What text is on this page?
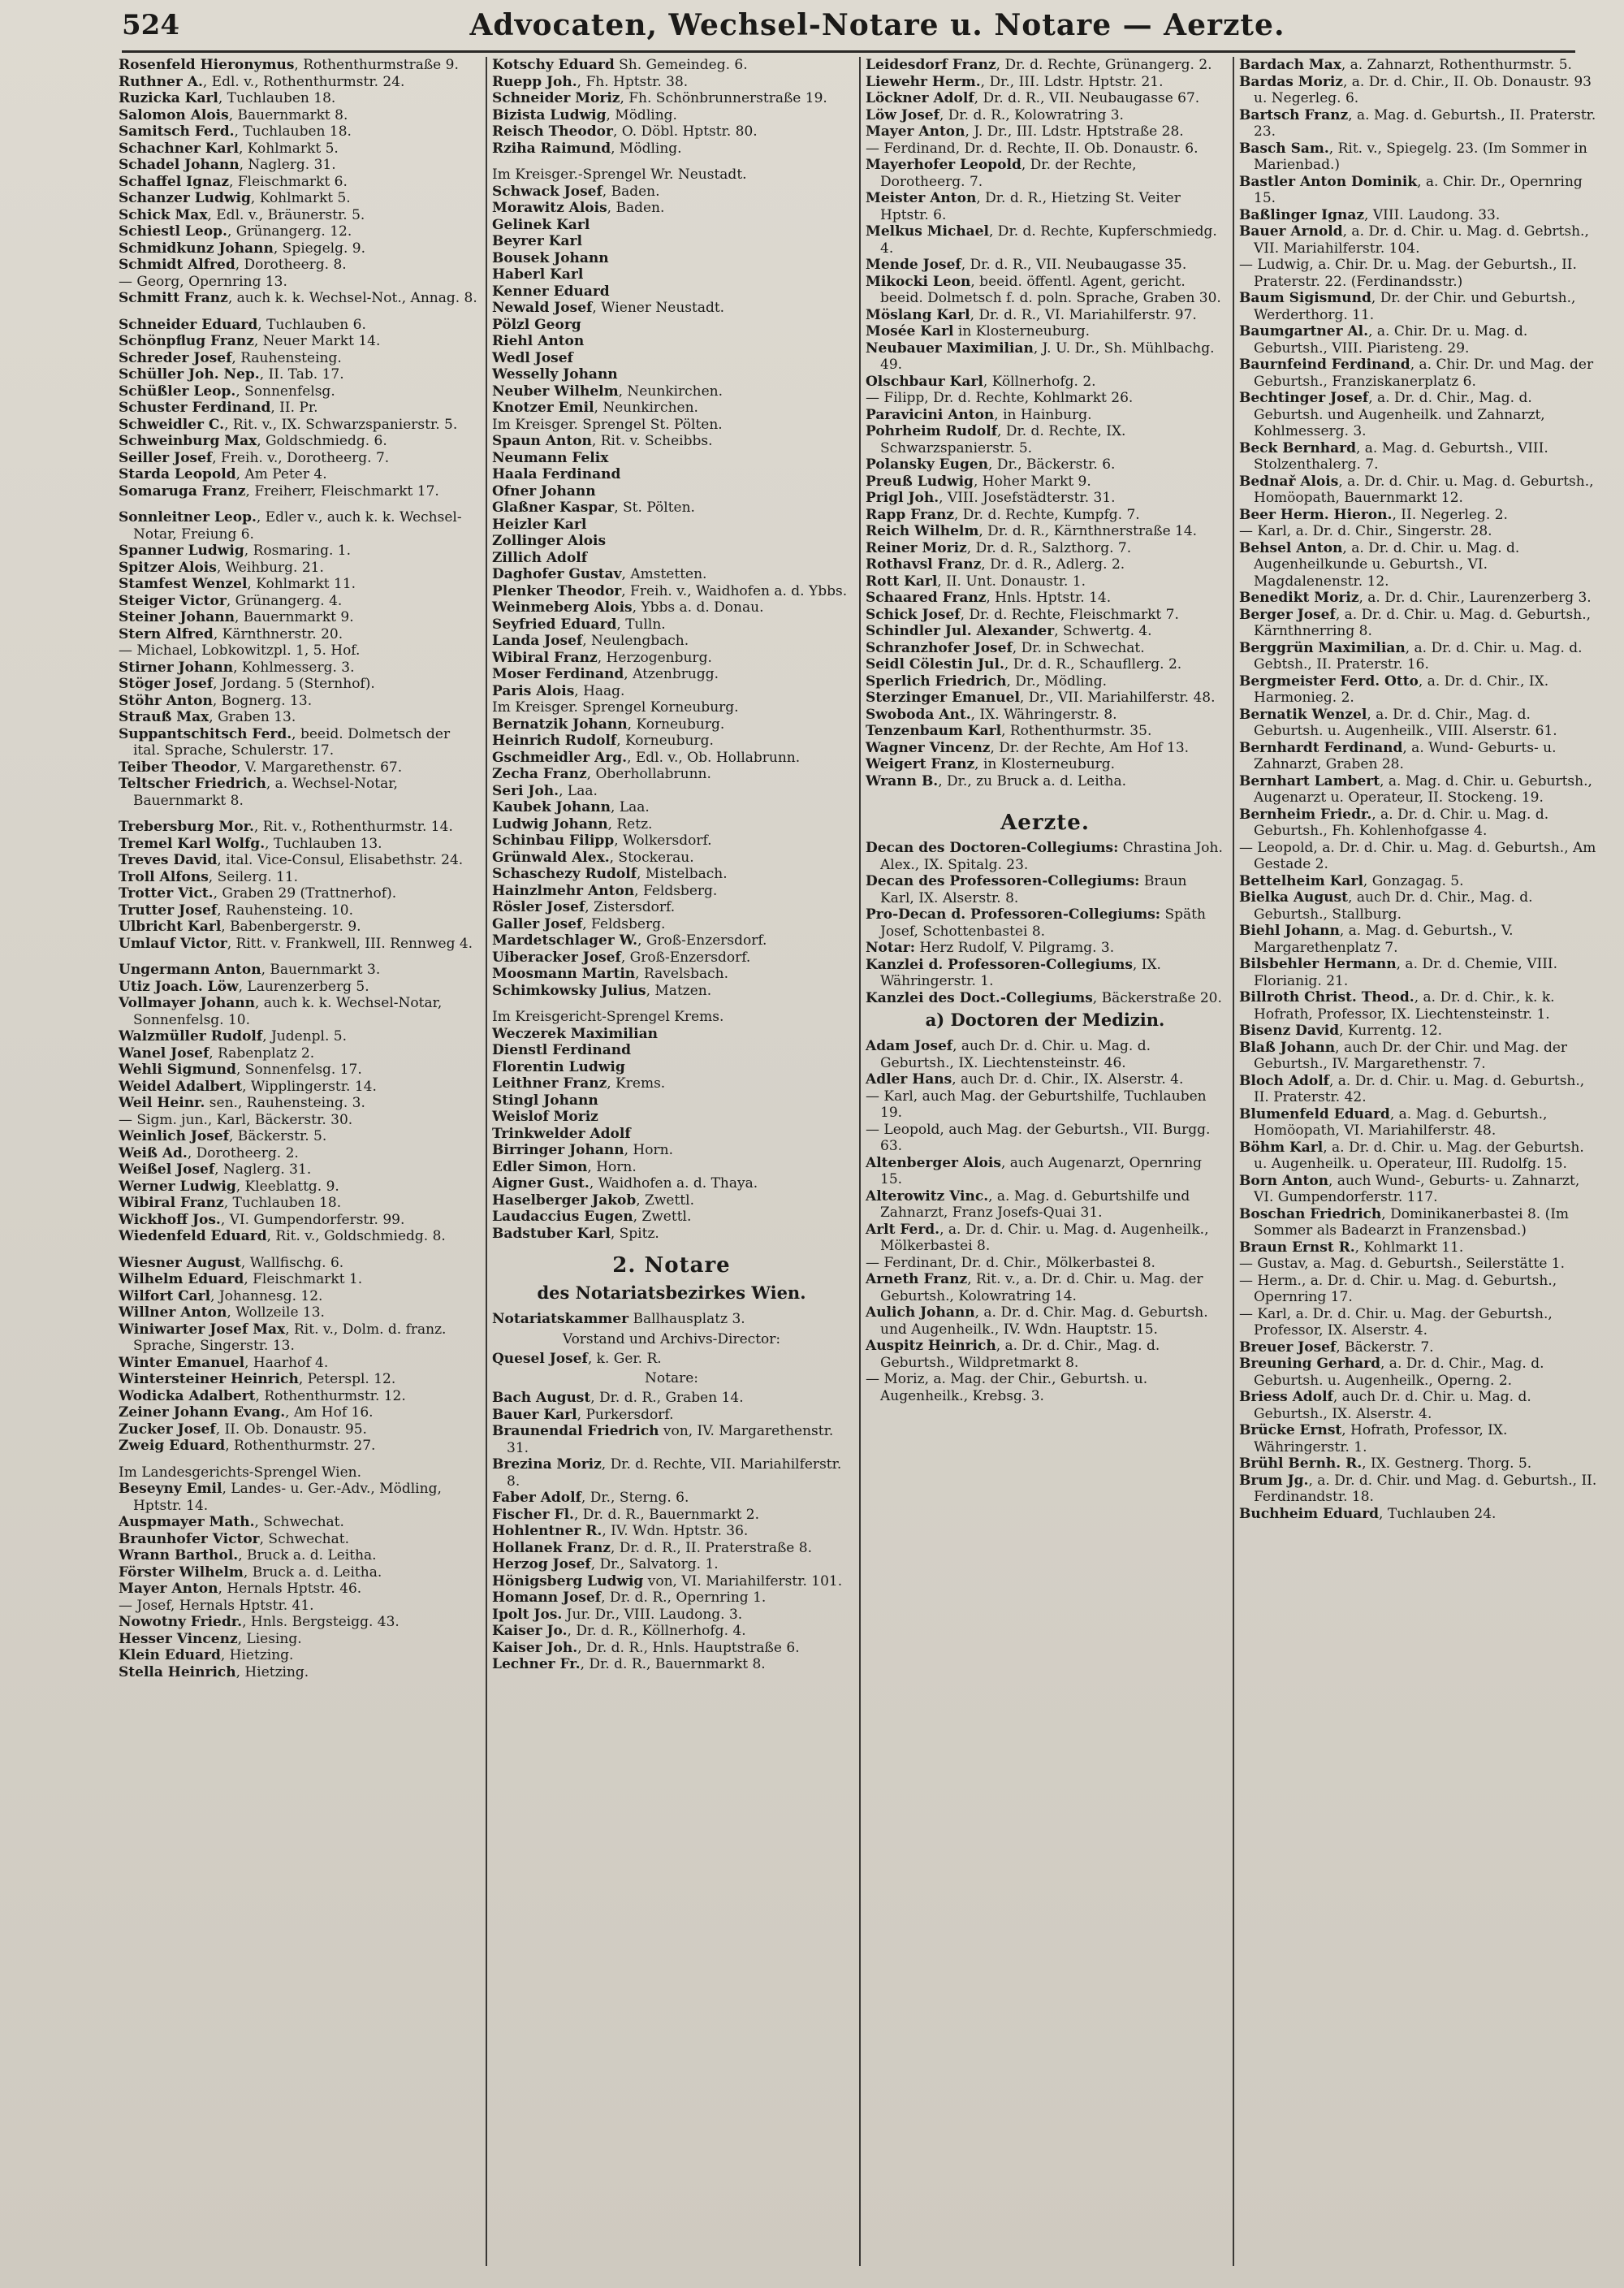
524	Advocaten, Wechsel-Notare u. Notare — Aerzte.

Rosenfeld Hieronymus, Rothenthurmstraße 9.

Ruthner A., Edl. v., Rothenthurmstr. 24.

Ruzicka Karl, Tuchlauben 18.

Salomon Alois, Bauernmarkt 8.

Samitsch Ferd., Tuchlauben 18.

Schachner Karl, Kohlmarkt 5.

Schadel Johann, Naglerg. 31.

Schaffel Ignaz, Fleischmarkt 6.

Schanzer Ludwig, Kohlmarkt 5.

Schick Max, Edl. v., Bräunerstr. 5.

Schiestl Leop., Grünangerg. 12.

Schmidkunz Johann, Spiegelg. 9.

Schmidt Alfred, Dorotheerg. 8.

— Georg, Opernring 13.

Schmitt Franz, auch k. k. Wechsel-Not., Annag. 8.

Schneider Eduard, Tuchlauben 6.

Schönpflug Franz, Neuer Markt 14.

Schreder Josef, Rauhensteing.

Schüller Joh. Nep., II. Tab. 17.

Schüßler Leop., Sonnenfelsg.

Schuster Ferdinand, II. Pr.

Schweidler C., Rit. v., IX. Schwarzspanierstr. 5.

Schweinburg Max, Goldschmiedg. 6.

Seiller Josef, Freih. v., Dorotheerg. 7.

Starda Leopold, Am Peter 4.

Somaruga Franz, Freiherr, Fleischmarkt 17.

Sonnleitner Leop., Edler v., auch k. k. Wechsel-Notar, Freiung 6.

Spanner Ludwig, Rosmaring. 1.

Spitzer Alois, Weihburg. 21.

Stamfest Wenzel, Kohlmarkt 11.

Steiger Victor, Grünangerg. 4.

Steiner Johann, Bauernmarkt 9.

Stern Alfred, Kärnthnerstr. 20.

— Michael, Lobkowitzpl. 1, 5. Hof.

Stirner Johann, Kohlmesserg. 3.

Stöger Josef, Jordang. 5 (Sternhof).

Stöhr Anton, Bognerg. 13.

Strauß Max, Graben 13.

Suppantschitsch Ferd., beeid. Dolmetsch der ital. Sprache, Schulerstr. 17.

Teiber Theodor, V. Margarethenstr. 67.

Teltscher Friedrich, a. Wechsel-Notar, Bauernmarkt 8.

Trebersburg Mor., Rit. v., Rothenthurmstr. 14.

Tremel Karl Wolfg., Tuchlauben 13.

Treves David, ital. Vice-Consul, Elisabethstr. 24.

Troll Alfons, Seilerg. 11.

Trotter Vict., Graben 29 (Trattnerhof).

Trutter Josef, Rauhensteing. 10.

Ulbricht Karl, Babenbergerstr. 9.

Umlauf Victor, Ritt. v. Frankwell, III. Rennweg 4.

Ungermann Anton, Bauernmarkt 3.

Utiz Joach. Löw, Laurenzerberg 5.

Vollmayer Johann, auch k. k. Wechsel-Notar, Sonnenfelsg. 10.

Walzmüller Rudolf, Judenpl. 5.

Wanel Josef, Rabenplatz 2.

Wehli Sigmund, Sonnenfelsg. 17.

Weidel Adalbert, Wipplingerstr. 14.

Weil Heinr. sen., Rauhensteing. 3.

— Sigm. jun., Karl, Bäckerstr. 30.

Weinlich Josef, Bäckerstr. 5.

Weiß Ad., Dorotheerg. 2.

Weißel Josef, Naglerg. 31.

Werner Ludwig, Kleeblattg. 9.

Wibiral Franz, Tuchlauben 18.

Wickhoff Jos., VI. Gumpendorferstr. 99.

Wiedenfeld Eduard, Rit. v., Goldschmiedg. 8.

Wiesner August, Wallfischg. 6.

Wilhelm Eduard, Fleischmarkt 1.

Wilfort Carl, Johannesg. 12.

Willner Anton, Wollzeile 13.

Winiwarter Josef Max, Rit. v., Dolm. d. franz. Sprache, Singerstr. 13.

Winter Emanuel, Haarhof 4.

Wintersteiner Heinrich, Peterspl. 12.

Wodicka Adalbert, Rothenthurmstr. 12.

Zeiner Johann Evang., Am Hof 16.

Zucker Josef, II. Ob. Donaustr. 95.

Zweig Eduard, Rothenthurmstr. 27.

Im Landesgerichts-Sprengel Wien.

Beseyny Emil, Landes- u. Ger.-Adv., Mödling, Hptstr. 14.

Auspmayer Math., Schwechat.

Braunhofer Victor, Schwechat.

Wrann Barthol., Bruck a. d. Leitha.

Förster Wilhelm, Bruck a. d. Leitha.

Mayer Anton, Hernals Hptstr. 46.

— Josef, Hernals Hptstr. 41.

Nowotny Friedr., Hnls. Bergsteigg. 43.

Hesser Vincenz, Liesing.

Klein Eduard, Hietzing.

Stella Heinrich, Hietzing.

Kotschy Eduard Sh. Gemeindeg. 6.

Ruepp Joh., Fh. Hptstr. 38.

Schneider Moriz, Fh. Schönbrunnerstraße 19.

Bizista Ludwig, Mödling.

Reisch Theodor, O. Döbl. Hptstr. 80.

Rziha Raimund, Mödling.

Im Kreisger.-Sprengel Wr. Neustadt.

Schwack Josef, Baden.

Morawitz Alois, Baden.

Gelinek Karl

Beyrer Karl

Bousek Johann

Haberl Karl

Kenner Eduard

Newald Josef, Wiener Neustadt.

Pölzl Georg

Riehl Anton

Wedl Josef

Wesselly Johann

Neuber Wilhelm, Neunkirchen.

Knotzer Emil, Neunkirchen.

Im Kreisger. Sprengel St. Pölten.

Spaun Anton, Rit. v. Scheibbs.

Neumann Felix

Haala Ferdinand

Ofner Johann

Glaßner Kaspar, St. Pölten.

Heizler Karl

Zollinger Alois

Zillich Adolf

Daghofer Gustav, Amstetten.

Plenker Theodor, Freih. v., Waidhofen a. d. Ybbs.

Weinmeberg Alois, Ybbs a. d. Donau.

Seyfried Eduard, Tulln.

Landa Josef, Neulengbach.

Wibiral Franz, Herzogenburg.

Moser Ferdinand, Atzenbrugg.

Paris Alois, Haag.

Im Kreisger. Sprengel Korneuburg.

Bernatzik Johann, Korneuburg.

Heinrich Rudolf, Korneuburg.

Gschmeidler Arg., Edl. v., Ob. Hollabrunn.

Zecha Franz, Oberhollabrunn.

Seri Joh., Laa.

Kaubek Johann, Laa.

Ludwig Johann, Retz.

Schinbau Filipp, Wolkersdorf.

Grünwald Alex., Stockerau.

Schaschezy Rudolf, Mistelbach.

Hainzlmehr Anton, Feldsberg.

Rösler Josef, Zistersdorf.

Galler Josef, Feldsberg.

Mardetschlager W., Groß-Enzersdorf.

Uiberacker Josef, Groß-Enzersdorf.

Moosmann Martin, Ravelsbach.

Schimkowsky Julius, Matzen.

Im Kreisgericht-Sprengel Krems.

Weczerek Maximilian

Dienstl Ferdinand

Florentin Ludwig

Leithner Franz, Krems.

Stingl Johann

Weislof Moriz

Trinkwelder Adolf

Birringer Johann, Horn.

Edler Simon, Horn.

Aigner Gust., Waidhofen a. d. Thaya.

Haselberger Jakob, Zwettl.

Laudaccius Eugen, Zwettl.

Badstuber Karl, Spitz.

2. Notare
des Notariatsbezirkes Wien.

Notariatskammer Ballhausplatz 3.

Vorstand und Archivs-Director:

Quesel Josef, k. Ger. R.

Notare:

Bach August, Dr. d. R., Graben 14.

Bauer Karl, Purkersdorf.

Braunendal Friedrich von, IV. Margarethenstr. 31.

Brezina Moriz, Dr. d. Rechte, VII. Mariahilferstr. 8.

Faber Adolf, Dr., Sterng. 6.

Fischer Fl., Dr. d. R., Bauernmarkt 2.

Hohlentner R., IV. Wdn. Hptstr. 36.

Hollanek Franz, Dr. d. R., II. Praterstraße 8.

Herzog Josef, Dr., Salvatorg. 1.

Hönigsberg Ludwig von, VI. Mariahilferstr. 101.

Homann Josef, Dr. d. R., Opernring 1.

Ipolt Jos. Jur. Dr., VIII. Laudong. 3.

Kaiser Jo., Dr. d. R., Köllnerhofg. 4.

Kaiser Joh., Dr. d. R., Hnls. Hauptstraße 6.

Lechner Fr., Dr. d. R., Bauernmarkt 8.

Leidesdorf Franz, Dr. d. Rechte, Grünangerg. 2.

Liewehr Herm., Dr., III. Ldstr. Hptstr. 21.

Löckner Adolf, Dr. d. R., VII. Neubaugasse 67.

Löw Josef, Dr. d. R., Kolowratring 3.

Mayer Anton, J. Dr., III. Ldstr. Hptstraße 28.

— Ferdinand, Dr. d. Rechte, II. Ob. Donaustr. 6.

Mayerhofer Leopold, Dr. der Rechte, Dorotheerg. 7.

Meister Anton, Dr. d. R., Hietzing St. Veiter Hptstr. 6.

Melkus Michael, Dr. d. Rechte, Kupferschmiedg. 4.

Mende Josef, Dr. d. R., VII. Neubaugasse 35.

Mikocki Leon, beeid. öffentl. Agent, gericht. beeid. Dolmetsch f. d. poln. Sprache, Graben 30.

Möslang Karl, Dr. d. R., VI. Mariahilferstr. 97.

Mosée Karl in Klosterneuburg.

Neubauer Maximilian, J. U. Dr., Sh. Mühlbachg. 49.

Olschbaur Karl, Köllnerhofg. 2.

— Filipp, Dr. d. Rechte, Kohlmarkt 26.

Paravicini Anton, in Hainburg.

Pohrheim Rudolf, Dr. d. Rechte, IX. Schwarzspanierstr. 5.

Polansky Eugen, Dr., Bäckerstr. 6.

Preuß Ludwig, Hoher Markt 9.

Prigl Joh., VIII. Josefstädterstr. 31.

Rapp Franz, Dr. d. Rechte, Kumpfg. 7.

Reich Wilhelm, Dr. d. R., Kärnthnerstraße 14.

Reiner Moriz, Dr. d. R., Salzthorg. 7.

Rothavsl Franz, Dr. d. R., Adlerg. 2.

Rott Karl, II. Unt. Donaustr. 1.

Schaared Franz, Hnls. Hptstr. 14.

Schick Josef, Dr. d. Rechte, Fleischmarkt 7.

Schindler Jul. Alexander, Schwertg. 4.

Schranzhofer Josef, Dr. in Schwechat.

Seidl Cölestin Jul., Dr. d. R., Schaufllerg. 2.

Sperlich Friedrich, Dr., Mödling.

Sterzinger Emanuel, Dr., VII. Mariahilferstr. 48.

Swoboda Ant., IX. Währingerstr. 8.

Tenzenbaum Karl, Rothenthurmstr. 35.

Wagner Vincenz, Dr. der Rechte, Am Hof 13.

Weigert Franz, in Klosterneuburg.

Wrann B., Dr., zu Bruck a. d. Leitha.

Aerzte.

Decan des Doctoren-Collegiums: Chrastina Joh. Alex., IX. Spitalg. 23.

Decan des Professoren-Collegiums: Braun Karl, IX. Alserstr. 8.

Pro-Decan d. Professoren-Collegiums: Späth Josef, Schottenbastei 8.

Notar: Herz Rudolf, V. Pilgramg. 3.

Kanzlei d. Professoren-Collegiums, IX. Währingerstr. 1.

Kanzlei des Doct.-Collegiums, Bäckerstraße 20.

a) Doctoren der Medizin.

Adam Josef, auch Dr. d. Chir. u. Mag. d. Geburtsh., IX. Liechtensteinstr. 46.

Adler Hans, auch Dr. d. Chir., IX. Alserstr. 4.

— Karl, auch Mag. der Geburtshilfe, Tuchlauben 19.

— Leopold, auch Mag. der Geburtsh., VII. Burgg. 63.

Altenberger Alois, auch Augenarzt, Opernring 15.

Alterowitz Vinc., a. Mag. d. Geburtshilfe und Zahnarzt, Franz Josefs-Quai 31.

Arlt Ferd., a. Dr. d. Chir. u. Mag. d. Augenheilk., Mölkerbastei 8.

— Ferdinant, Dr. d. Chir., Mölkerbastei 8.

Arneth Franz, Rit. v., a. Dr. d. Chir. u. Mag. der Geburtsh., Kolowratring 14.

Aulich Johann, a. Dr. d. Chir. Mag. d. Geburtsh. und Augenheilk., IV. Wdn. Hauptstr. 15.

Auspitz Heinrich, a. Dr. d. Chir., Mag. d. Geburtsh., Wildpretmarkt 8.

— Moriz, a. Mag. der Chir., Geburtsh. u. Augenheilk., Krebsg. 3.

Bardach Max, a. Zahnarzt, Rothenthurmstr. 5.

Bardas Moriz, a. Dr. d. Chir., II. Ob. Donaustr. 93 u. Negerleg. 6.

Bartsch Franz, a. Mag. d. Geburtsh., II. Praterstr. 23.

Basch Sam., Rit. v., Spiegelg. 23. (Im Sommer in Marienbad.)

Bastler Anton Dominik, a. Chir. Dr., Opernring 15.

Baßlinger Ignaz, VIII. Laudong. 33.

Bauer Arnold, a. Dr. d. Chir. u. Mag. d. Gebrtsh., VII. Mariahilferstr. 104.

— Ludwig, a. Chir. Dr. u. Mag. der Geburtsh., II. Praterstr. 22. (Ferdinandsstr.)

Baum Sigismund, Dr. der Chir. und Geburtsh., Werderthorg. 11.

Baumgartner Al., a. Chir. Dr. u. Mag. d. Geburtsh., VIII. Piaristeng. 29.

Baurnfeind Ferdinand, a. Chir. Dr. und Mag. der Geburtsh., Franziskanerplatz 6.

Bechtinger Josef, a. Dr. d. Chir., Mag. d. Geburtsh. und Augenheilk. und Zahnarzt, Kohlmesserg. 3.

Beck Bernhard, a. Mag. d. Geburtsh., VIII. Stolzenthalerg. 7.

Bednař Alois, a. Dr. d. Chir. u. Mag. d. Geburtsh., Homöopath, Bauernmarkt 12.

Beer Herm. Hieron., II. Negerleg. 2.

— Karl, a. Dr. d. Chir., Singerstr. 28.

Behsel Anton, a. Dr. d. Chir. u. Mag. d. Augenheilkunde u. Geburtsh., VI. Magdalenenstr. 12.

Benedikt Moriz, a. Dr. d. Chir., Laurenzerberg 3.

Berger Josef, a. Dr. d. Chir. u. Mag. d. Geburtsh., Kärnthnerring 8.

Berggrün Maximilian, a. Dr. d. Chir. u. Mag. d. Gebtsh., II. Praterstr. 16.

Bergmeister Ferd. Otto, a. Dr. d. Chir., IX. Harmonieg. 2.

Bernatik Wenzel, a. Dr. d. Chir., Mag. d. Geburtsh. u. Augenheilk., VIII. Alserstr. 61.

Bernhardt Ferdinand, a. Wund- Geburts- u. Zahnarzt, Graben 28.

Bernhart Lambert, a. Mag. d. Chir. u. Geburtsh., Augenarzt u. Operateur, II. Stockeng. 19.

Bernheim Friedr., a. Dr. d. Chir. u. Mag. d. Geburtsh., Fh. Kohlenhofgasse 4.

— Leopold, a. Dr. d. Chir. u. Mag. d. Geburtsh., Am Gestade 2.

Bettelheim Karl, Gonzagag. 5.

Bielka August, auch Dr. d. Chir., Mag. d. Geburtsh., Stallburg.

Biehl Johann, a. Mag. d. Geburtsh., V. Margarethenplatz 7.

Bilsbehler Hermann, a. Dr. d. Chemie, VIII. Florianig. 21.

Billroth Christ. Theod., a. Dr. d. Chir., k. k. Hofrath, Professor, IX. Liechtensteinstr. 1.

Bisenz David, Kurrentg. 12.

Blaß Johann, auch Dr. der Chir. und Mag. der Geburtsh., IV. Margarethenstr. 7.

Bloch Adolf, a. Dr. d. Chir. u. Mag. d. Geburtsh., II. Praterstr. 42.

Blumenfeld Eduard, a. Mag. d. Geburtsh., Homöopath, VI. Mariahilferstr. 48.

Böhm Karl, a. Dr. d. Chir. u. Mag. der Geburtsh. u. Augenheilk. u. Operateur, III. Rudolfg. 15.

Born Anton, auch Wund-, Geburts- u. Zahnarzt, VI. Gumpendorferstr. 117.

Boschan Friedrich, Dominikanerbastei 8. (Im Sommer als Badearzt in Franzensbad.)

Braun Ernst R., Kohlmarkt 11.

— Gustav, a. Mag. d. Geburtsh., Seilerstätte 1.

— Herm., a. Dr. d. Chir. u. Mag. d. Geburtsh., Opernring 17.

— Karl, a. Dr. d. Chir. u. Mag. der Geburtsh., Professor, IX. Alserstr. 4.

Breuer Josef, Bäckerstr. 7.

Breuning Gerhard, a. Dr. d. Chir., Mag. d. Geburtsh. u. Augenheilk., Operng. 2.

Briess Adolf, auch Dr. d. Chir. u. Mag. d. Geburtsh., IX. Alserstr. 4.

Brücke Ernst, Hofrath, Professor, IX. Währingerstr. 1.

Brühl Bernh. R., IX. Gestnerg. Thorg. 5.

Brum Jg., a. Dr. d. Chir. und Mag. d. Geburtsh., II. Ferdinandstr. 18.

Buchheim Eduard, Tuchlauben 24.
